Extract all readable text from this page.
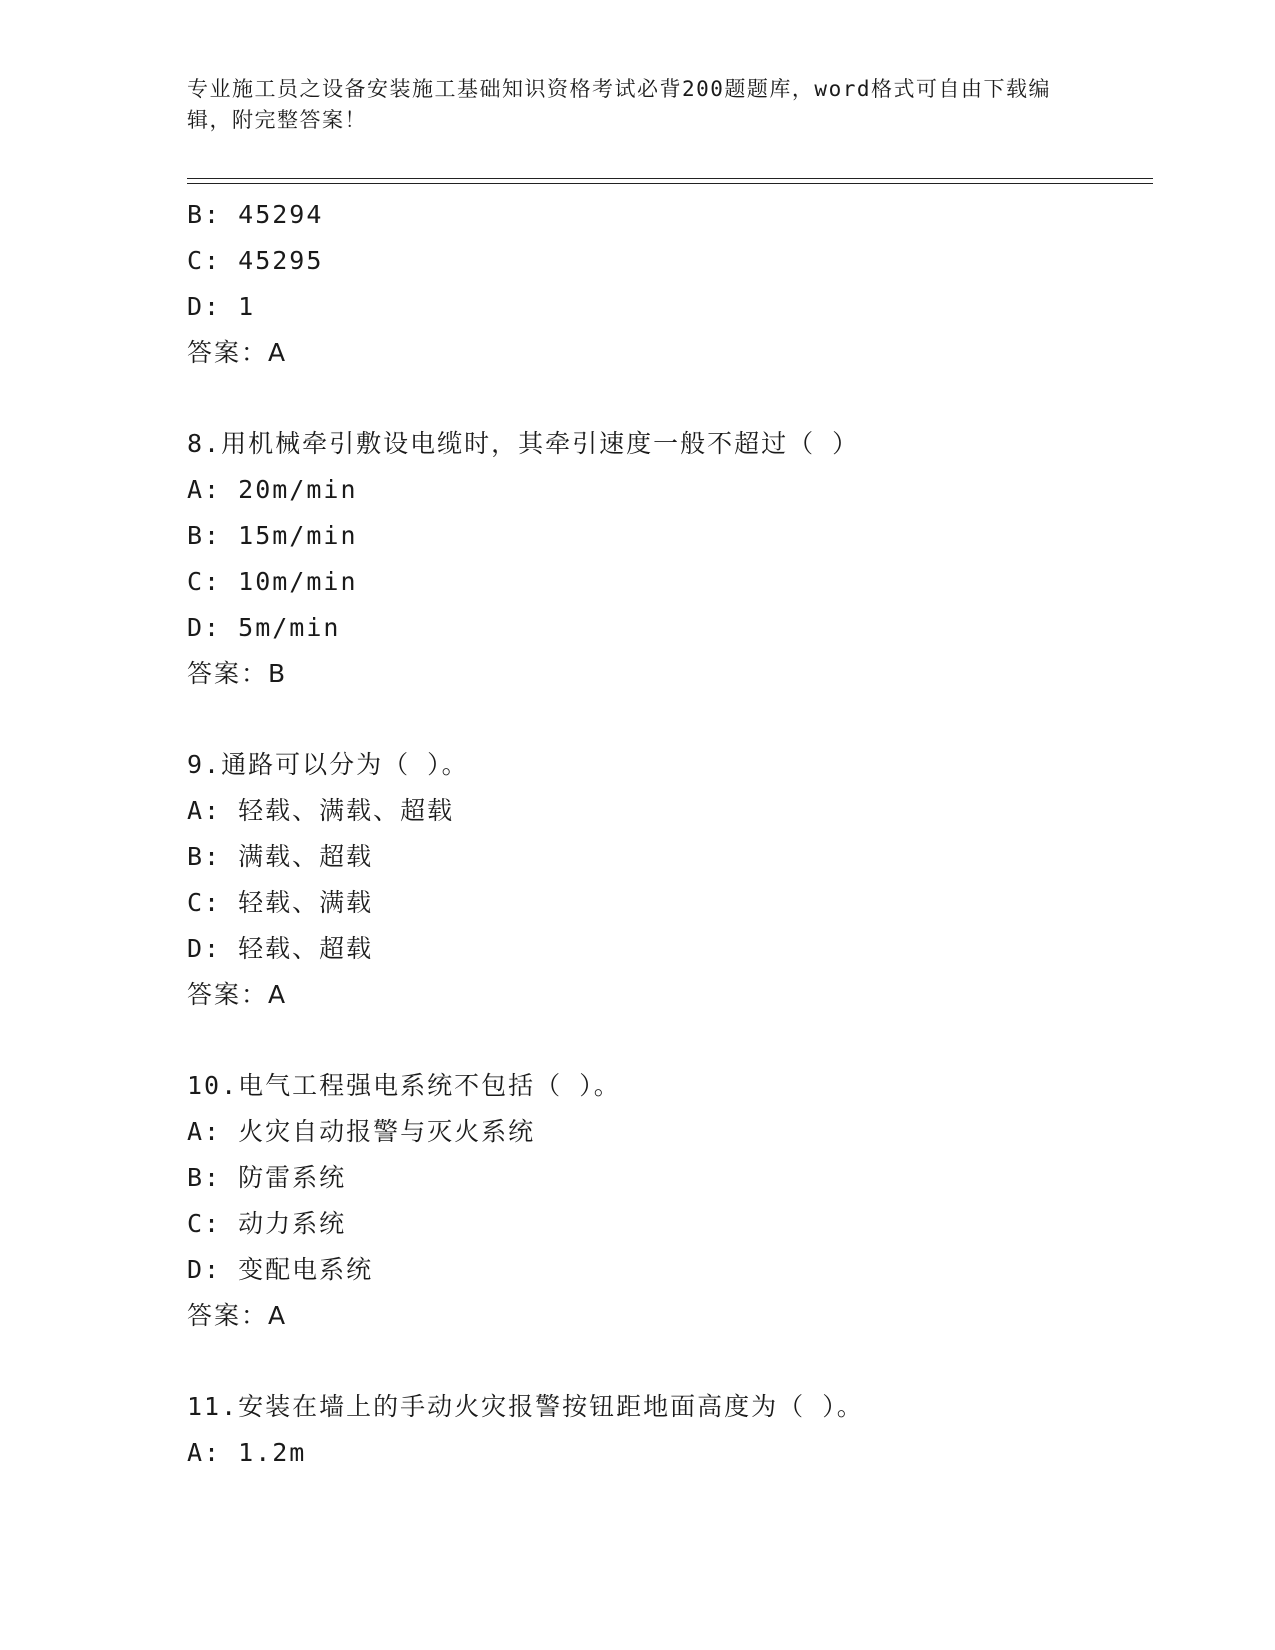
专业施工员之设备安装施工基础知识资格考试必背200题题库，word格式可自由下载编辑，附完整答案！
B: 45294
C: 45295
D: 1
答案：A
8.用机械牵引敷设电缆时，其牵引速度一般不超过（ ）
A: 20m/min
B: 15m/min
C: 10m/min
D: 5m/min
答案：B
9.通路可以分为（ ）。
A: 轻载、满载、超载
B: 满载、超载
C: 轻载、满载
D: 轻载、超载
答案：A
10.电气工程强电系统不包括（ ）。
A: 火灾自动报警与灭火系统
B: 防雷系统
C: 动力系统
D: 变配电系统
答案：A
11.安装在墙上的手动火灾报警按钮距地面高度为（ ）。
A: 1.2m
